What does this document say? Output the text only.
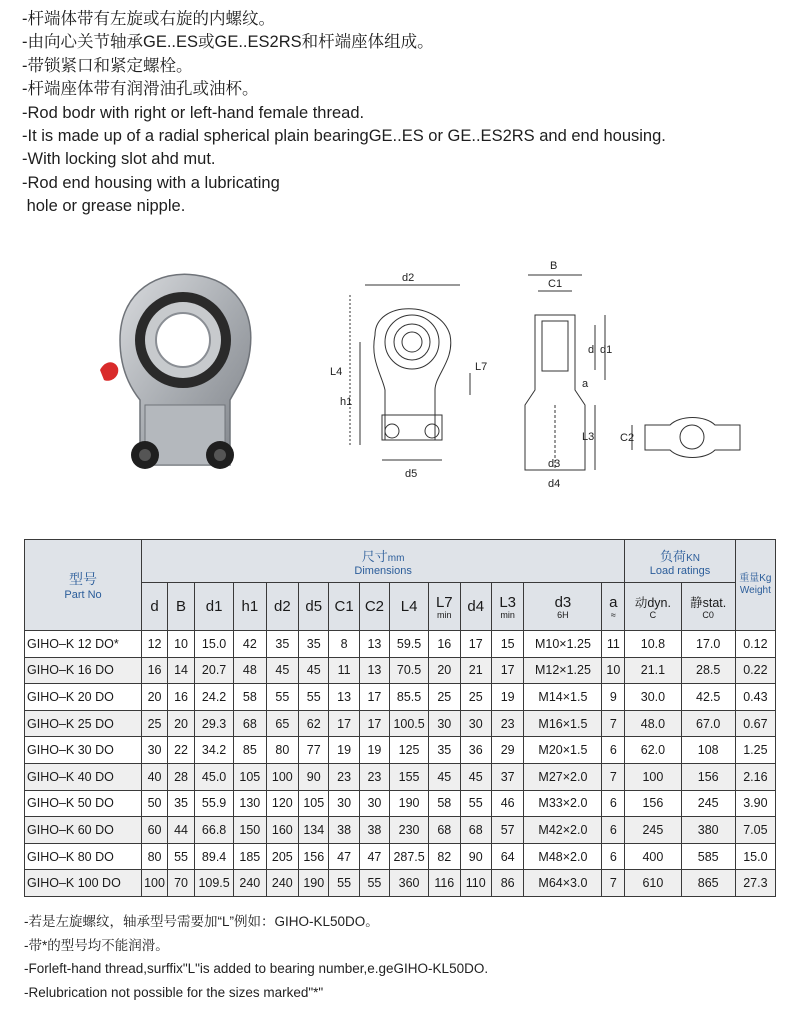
-杆端体带有左旋或右旋的内螺纹。
-由向心关节轴承GE..ES或GE..ES2RS和杆端座体组成。
-带锁紧口和紧定螺栓。
-杆端座体带有润滑油孔或油杯。
-Rod bodr with right or left-hand female thread.
-It is made up of a radial spherical plain bearingGE..ES or GE..ES2RS and end housing.
-With locking slot ahd mut.
-Rod end housing with a lubricating
hole or grease nipple.
d2
L4
h1
L7
d5
B
C1
d d1
a
L3
d3
d4
C2
型号
Part No	尺寸mm
Dimensions														负荷KN
Load ratings		重量Kg
Weight

	d	B	d1	h1	d2	d5	C1	C2	L4	L7
min	d4	L3
min	d3
6H	a
≈	动dyn.
C	静stat.
C0	

GIHO–K 12 DO*	12	10	15.0	42	35	35	8	13	59.5	16	17	15	M10×1.25	11	10.8	17.0	0.12
GIHO–K 16 DO	16	14	20.7	48	45	45	11	13	70.5	20	21	17	M12×1.25	10	21.1	28.5	0.22
GIHO–K 20 DO	20	16	24.2	58	55	55	13	17	85.5	25	25	19	M14×1.5	9	30.0	42.5	0.43
GIHO–K 25 DO	25	20	29.3	68	65	62	17	17	100.5	30	30	23	M16×1.5	7	48.0	67.0	0.67
GIHO–K 30 DO	30	22	34.2	85	80	77	19	19	125	35	36	29	M20×1.5	6	62.0	108	1.25
GIHO–K 40 DO	40	28	45.0	105	100	90	23	23	155	45	45	37	M27×2.0	7	100	156	2.16
GIHO–K 50 DO	50	35	55.9	130	120	105	30	30	190	58	55	46	M33×2.0	6	156	245	3.90
GIHO–K 60 DO	60	44	66.8	150	160	134	38	38	230	68	68	57	M42×2.0	6	245	380	7.05
GIHO–K 80 DO	80	55	89.4	185	205	156	47	47	287.5	82	90	64	M48×2.0	6	400	585	15.0
GIHO–K 100 DO	100	70	109.5	240	240	190	55	55	360	116	110	86	M64×3.0	7	610	865	27.3
-若是左旋螺纹，轴承型号需要加“L”例如：GIHO-KL50DO。
-带*的型号均不能润滑。
-Forleft-hand thread,surffix"L"is added to bearing number,e.geGIHO-KL50DO.
-Relubrication not possible for the sizes marked"*"
